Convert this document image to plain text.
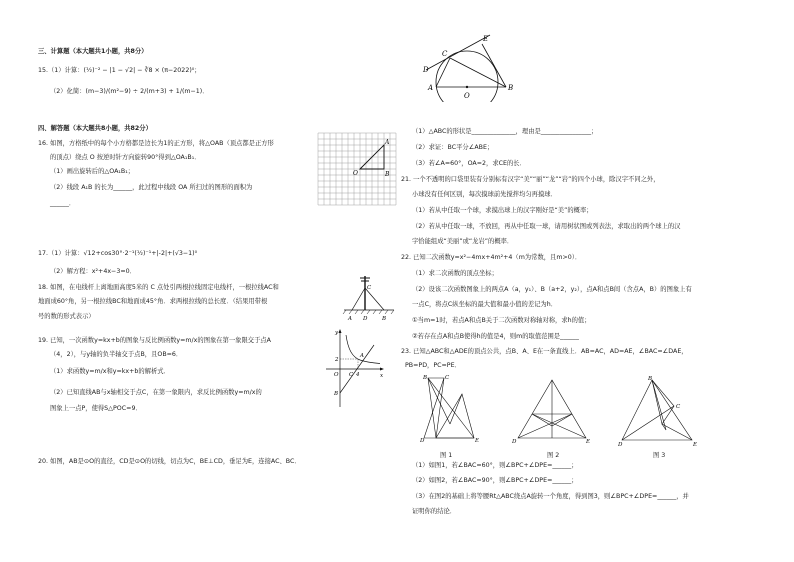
三、计算题（本大题共1小题，共8分）
15.（1）计算：(½)⁻² − |1 − √2| − ∛8 × (π−2022)⁰；
（2）化简：(m−3)/(m²−9) ÷ 2/(m+3) + 1/(m−1)．
四、解答题（本大题共8小题，共82分）
16. 如图，方格纸中的每个小方格都是边长为1的正方形，将△OAB（顶点都是正方形
的顶点）绕点 O 按逆时针方向旋转90°得到△OA₁B₁．
（1）画出旋转后的△OA₁B₁；
（2）线段 A₁B 的长为______，此过程中线段 OA 所扫过的图形的面积为
______．
O
A
B
17.（1）计算：√12+cos30°·2⁻¹(½)⁻¹+|-2|+(√3−1)⁰
（2）解方程：x²+4x−3=0．
18. 如图，在电线杆上离地面高度5米的 C 点处引两根拉线固定电线杆，一根拉线AC和
地面成60°角，另一根拉线BC和地面成45°角．求两根拉线的总长度．（结果用带根
号的数的形式表示）
C
A D	B
19. 已知，一次函数y=kx+b的图象与反比例函数y=m/x的图象在第一象限交于点A
（4，2），与y轴的负半轴交于点B，且OB=6．
（1）求函数y=m/x和y=kx+b的解析式．
（2）已知直线AB与x轴相交于点C，在第一象限内，求反比例函数y=m/x的
图象上一点P，使得S△POC=9．
y
x
O
A
B
C
2
4
20. 如图，AB是⊙O的直径，CD是⊙O的切线，切点为C，BE⊥CD，垂足为E，连接AC、BC．
E
C
D
A
O
B
（1）△ABC的形状是______________，理由是________________；
（2）求证：BC平分∠ABE；
（3）若∠A=60°，OA=2，求CE的长．
21. 一个不透明的口袋里装有分别标有汉字“美”“丽”“龙”“岩”的四个小球，除汉字不同之外，
小球没有任何区别，每次摸球前先搅拌均匀再摸球．
（1）若从中任取一个球，求摸出球上的汉字刚好是“美”的概率；
（2）若从中任取一球，不放回，再从中任取一球，请用树状图或列表法，求取出的两个球上的汉
字恰能组成“美丽”或“龙岩”的概率．
22. 已知二次函数y=x²−4mx+4m²+4（m为常数，且m>0）．
（1）求二次函数的顶点坐标；
（2）设该二次函数图象上的两点A（a，y₁）、B（a+2，y₂），点A和点B间（含点A，B）的图象上有
一点C，将点C纵坐标的最大值和最小值的差记为h．
①当m=1时，若点A和点B关于二次函数对称轴对称，求h的值；
②若存在点A和点B使得h的值是4，则m的取值范围是______
23. 已知△ABC和△ADE的顶点公共，点B、A、E在一条直线上．AB=AC，AD=AE，∠BAC=∠DAE，
PB=PD，PC=PE．
B	C
D	E
图 1
D	E
图 2
B
C
D	E
图 3
（1）如图1，若∠BAC=60°，则∠BPC+∠DPE=______；
（2）如图2，若∠BAC=90°，则∠BPC+∠DPE=______；
（3）在图2的基础上将等腰Rt△ABC绕点A旋转一个角度，得到图3，则∠BPC+∠DPE=______，并
证明你的结论．
